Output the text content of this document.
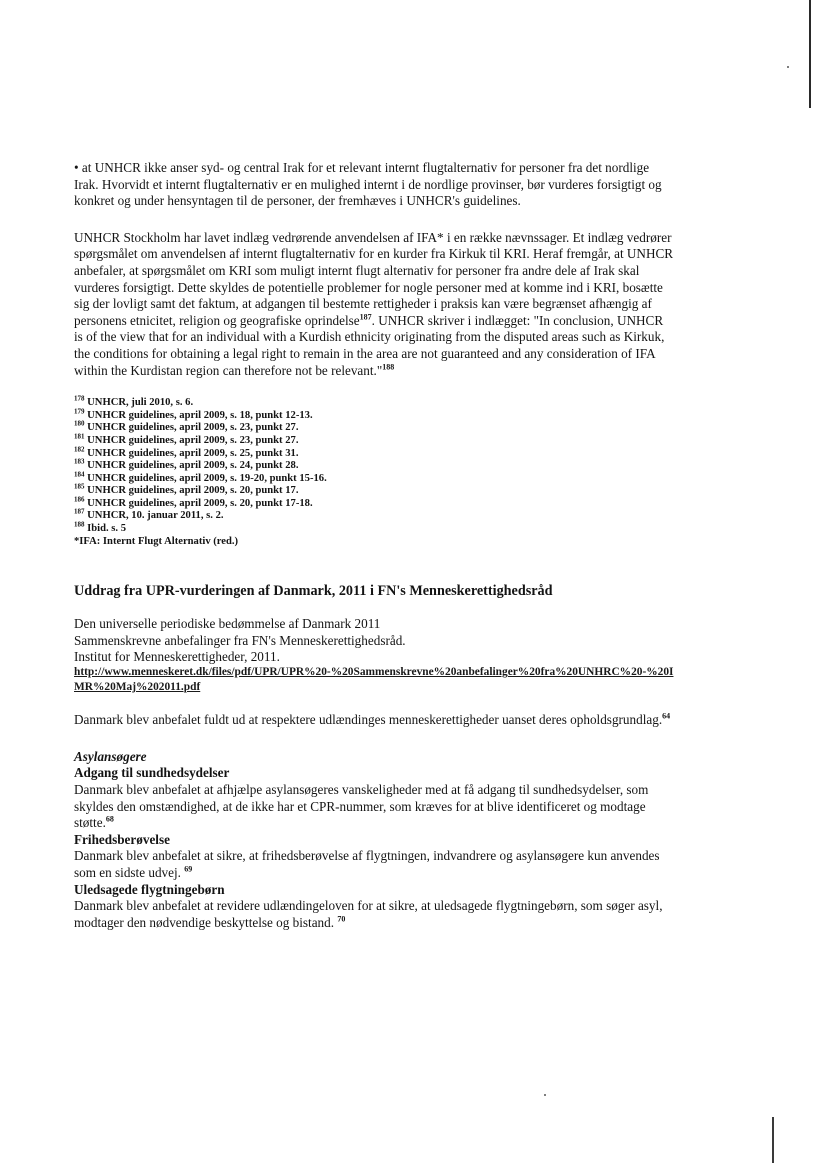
• at UNHCR ikke anser syd- og central Irak for et relevant internt flugtalternativ for personer fra det nordlige Irak. Hvorvidt et internt flugtalternativ er en mulighed internt i de nordlige provinser, bør vurderes forsigtigt og konkret og under hensyntagen til de personer, der fremhæves i UNHCR's guidelines.

UNHCR Stockholm har lavet indlæg vedrørende anvendelsen af IFA* i en række nævnssager. Et indlæg vedrører spørgsmålet om anvendelsen af internt flugtalternativ for en kurder fra Kirkuk til KRI. Heraf fremgår, at UNHCR anbefaler, at spørgsmålet om KRI som muligt internt flugt alternativ for personer fra andre dele af Irak skal vurderes forsigtigt. Dette skyldes de potentielle problemer for nogle personer med at komme ind i KRI, bosætte sig der lovligt samt det faktum, at adgangen til bestemte rettigheder i praksis kan være begrænset afhængig af personens etnicitet, religion og geografiske oprindelse$^{187}$. UNHCR skriver i indlægget: "In conclusion, UNHCR is of the view that for an individual with a Kurdish ethnicity originating from the disputed areas such as Kirkuk, the conditions for obtaining a legal right to remain in the area are not guaranteed and any consideration of IFA within the Kurdistan region can therefore not be relevant."$^{188}$

$^{178}$ UNHCR, juli 2010, s. 6.
$^{179}$ UNHCR guidelines, april 2009, s. 18, punkt 12-13.
$^{180}$ UNHCR guidelines, april 2009, s. 23, punkt 27.
$^{181}$ UNHCR guidelines, april 2009, s. 23, punkt 27.
$^{182}$ UNHCR guidelines, april 2009, s. 25, punkt 31.
$^{183}$ UNHCR guidelines, april 2009, s. 24, punkt 28.
$^{184}$ UNHCR guidelines, april 2009, s. 19-20, punkt 15-16.
$^{185}$ UNHCR guidelines, april 2009, s. 20, punkt 17.
$^{186}$ UNHCR guidelines, april 2009, s. 20, punkt 17-18.
$^{187}$ UNHCR, 10. januar 2011, s. 2.
$^{188}$ Ibid. s. 5
*IFA: Internt Flugt Alternativ (red.)
Uddrag fra UPR-vurderingen af Danmark, 2011 i FN's Menneskerettighedsråd
Den universelle periodiske bedømmelse af Danmark 2011
Sammenskrevne anbefalinger fra FN's Menneskerettighedsråd.
Institut for Menneskerettigheder, 2011.
http://www.menneskeret.dk/files/pdf/UPR/UPR%20-%20Sammenskrevne%20anbefalinger%20fra%20UNHRC%20-%20IMR%20Maj%202011.pdf

Danmark blev anbefalet fuldt ud at respektere udlændinges menneskerettigheder uanset deres opholdsgrundlag.$^{64}$

Asylansøgere
Adgang til sundhedsydelser

Danmark blev anbefalet at afhjælpe asylansøgeres vanskeligheder med at få adgang til sundhedsydelser, som skyldes den omstændighed, at de ikke har et CPR-nummer, som kræves for at blive identificeret og modtage støtte.$^{68}$

Frihedsberøvelse

Danmark blev anbefalet at sikre, at frihedsberøvelse af flygtningen, indvandrere og asylansøgere kun anvendes som en sidste udvej. $^{69}$

Uledsagede flygtningebørn

Danmark blev anbefalet at revidere udlændingeloven for at sikre, at uledsagede flygtningebørn, som søger asyl, modtager den nødvendige beskyttelse og bistand. $^{70}$
